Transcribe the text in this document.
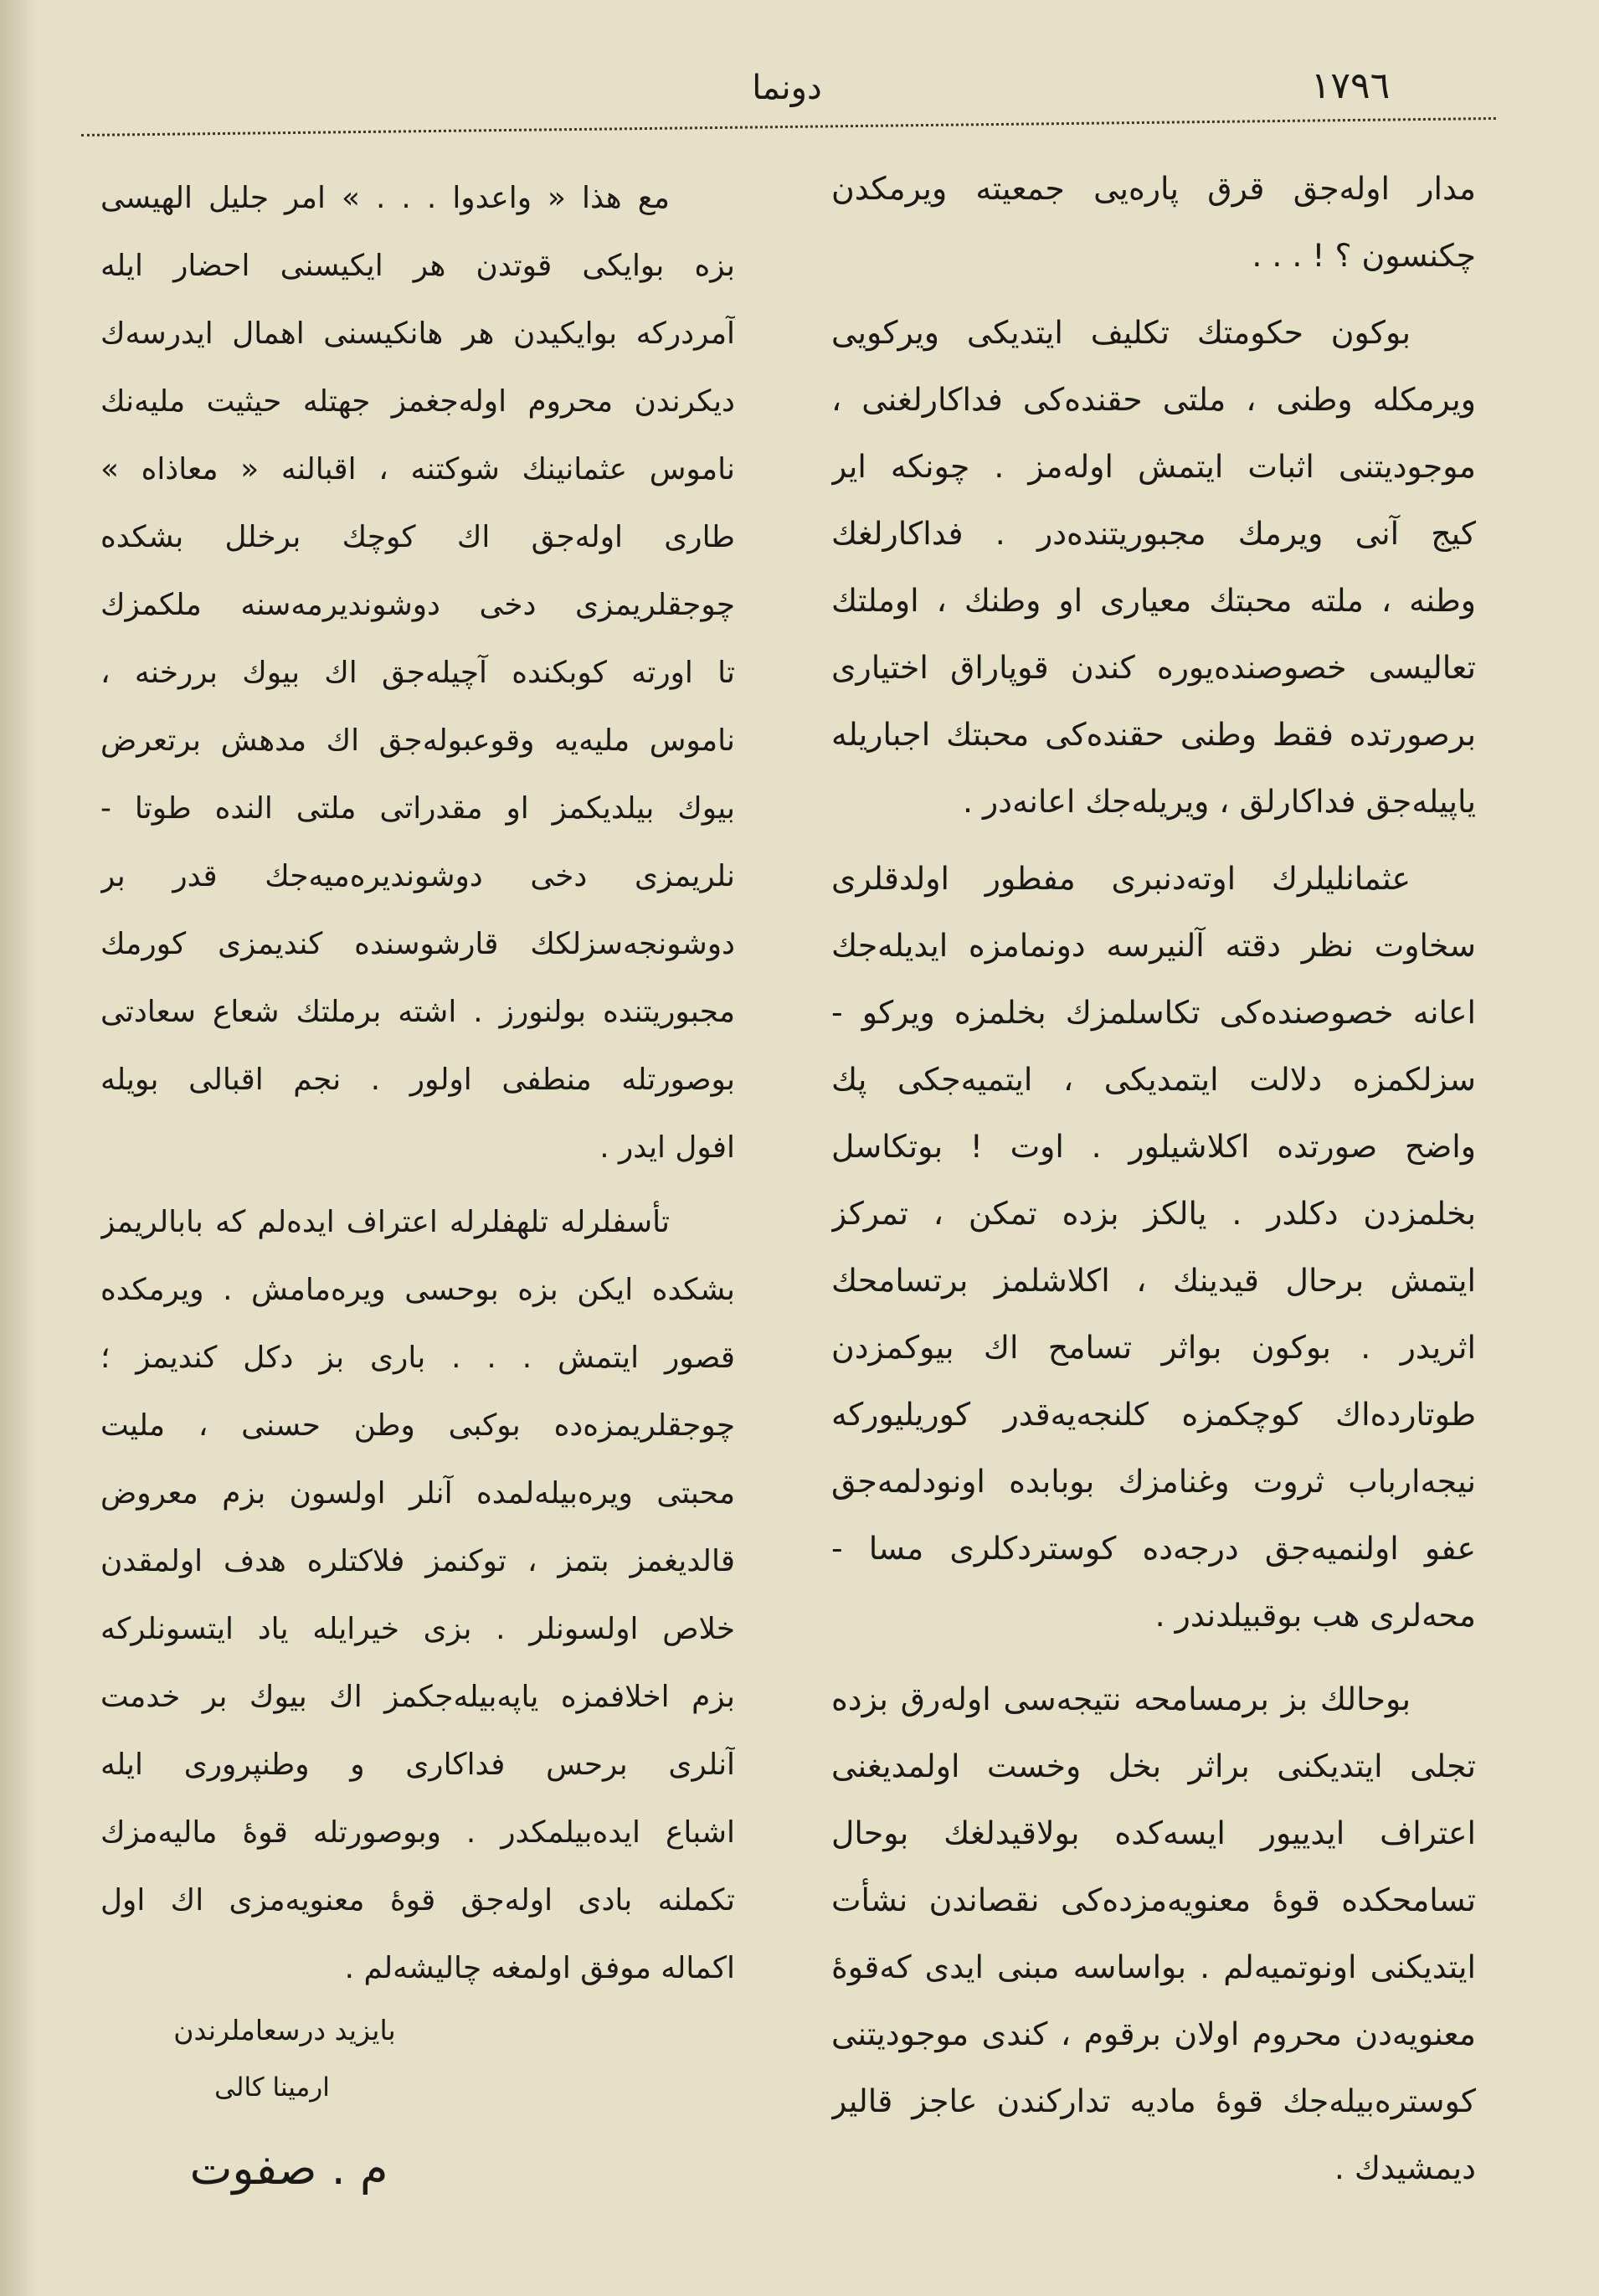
١٧٩٦
دونما
مدار اوله‌جق قرق پاره‌یی جمعیته ویرمکدن
چکنسون ؟ ! . . .
بوکون حکومتك تکلیف ایتدیکی ویرکویی
ویرمکله وطنی ، ملتی حقنده‌کی فداکارلغنی ،
موجودیتنی اثبات ایتمش اوله‌مز . چونکه ایر
کیج آنی ویرمك مجبوریتنده‌در . فداکارلغك
وطنه ، ملته محبتك معیاری او وطنك ، اوملتك
تعالیسی خصوصنده‌یوره کندن قوپاراق اختیاری
برصورتده فقط وطنی حقنده‌کی محبتك اجباریله
یاپیله‌جق فداکارلق ، ویریله‌جك اعانه‌در .
عثمانلیلرك اوته‌دنبری مفطور اولدقلری
سخاوت نظر دقته آلنیرسه دونمامزه ایدیله‌جك
اعانه خصوصنده‌کی تکاسلمزك بخلمزه ویرکو -
سزلکمزه دلالت ایتمدیکی ، ایتمیه‌جکی پك
واضح صورتده اکلاشیلور . اوت ! بوتکاسل
بخلمزدن دکلدر . یالکز بزده تمکن ، تمرکز
ایتمش برحال قیدینك ، اکلاشلمز برتسامحك
اثریدر . بوکون بواثر تسامح اك بیوکمزدن
طوتارده‌اك کوچکمزه کلنجه‌یه‌قدر کوریلیورکه
نیجه‌ارباب ثروت وغنامزك بوبابده اونودلمه‌جق
عفو اولنمیه‌جق درجه‌ده کوستردکلری مسا -
محه‌لری هب بوقبیلدندر .
بوحالك بز برمسامحه نتیجه‌سی اوله‌رق بزده
تجلی ایتدیکنی براثر بخل وخست اولمدیغنی
اعتراف ایدییور ایسه‌کده بولاقیدلغك بوحال
تسامحكده قوهٔ معنویه‌مزده‌کی نقصاندن نشأت
ایتدیکنی اونوتمیه‌لم . بواساسه مبنی ایدی که‌قوهٔ
معنویه‌دن محروم اولان برقوم ، کندی موجودیتنی
کوستره‌بیله‌جك قوهٔ مادیه تدارکندن عاجز قالیر
دیمشیدك .
مع هذا « واعدوا . . . » امر جلیل الهیسی
بزه بوایکی قوتدن هر ایکیسنی احضار ایله
آمردرکه بوایکیدن هر هانکیسنی اهمال ایدرسه‌ك
دیکرندن محروم اوله‌جغمز جهتله حیثیت ملیه‌نك
ناموس عثمانینك شوکتنه ، اقبالنه « معاذاه »
طاری اوله‌جق اك کوچك برخلل بشکده
چوجقلریمزی دخی دوشوندیرمه‌سنه ملکمزك
تا اورته کوبکنده آچیله‌جق اك بیوك بررخنه ،
ناموس ملیه‌یه وقوعبوله‌جق اك مدهش برتعرض
بیوك بیلدیکمز او مقدراتی ملتی النده طوتا -
نلریمزی دخی دوشوندیره‌میه‌جك قدر بر
دوشونجه‌سزلکك قارشوسنده کندیمزی کورمك
مجبوریتنده بولنورز . اشته برملتك شعاع سعادتی
بوصورتله منطفی اولور . نجم اقبالی بویله
افول ایدر .
تأسفلرله تلهفلرله اعتراف ایده‌لم که بابالریمز
بشکده ایکن بزه بوحسی ویره‌مامش . ویرمکده
قصور ایتمش . . . باری بز دکل کندیمز ؛
چوجقلریمزه‌ده بوکبی وطن حسنی ، ملیت
محبتی ویره‌بیله‌لمده آنلر اولسون بزم معروض
قالدیغمز بتمز ، توکنمز فلاکتلره هدف اولمقدن
خلاص اولسونلر . بزی خیرایله یاد ایتسونلرکه
بزم اخلافمزه یاپه‌بیله‌جکمز اك بیوك بر خدمت
آنلری برحس فداکاری و وطنپروری ایله
اشباع ایده‌بیلمکدر . وبوصورتله قوهٔ مالیه‌مزك
تکملنه بادی اوله‌جق قوهٔ معنویه‌مزی اك اول
اکماله موفق اولمغه چالیشه‌لم .
بایزید درسعاملرندن
ارمینا کالی
م . صفوت
